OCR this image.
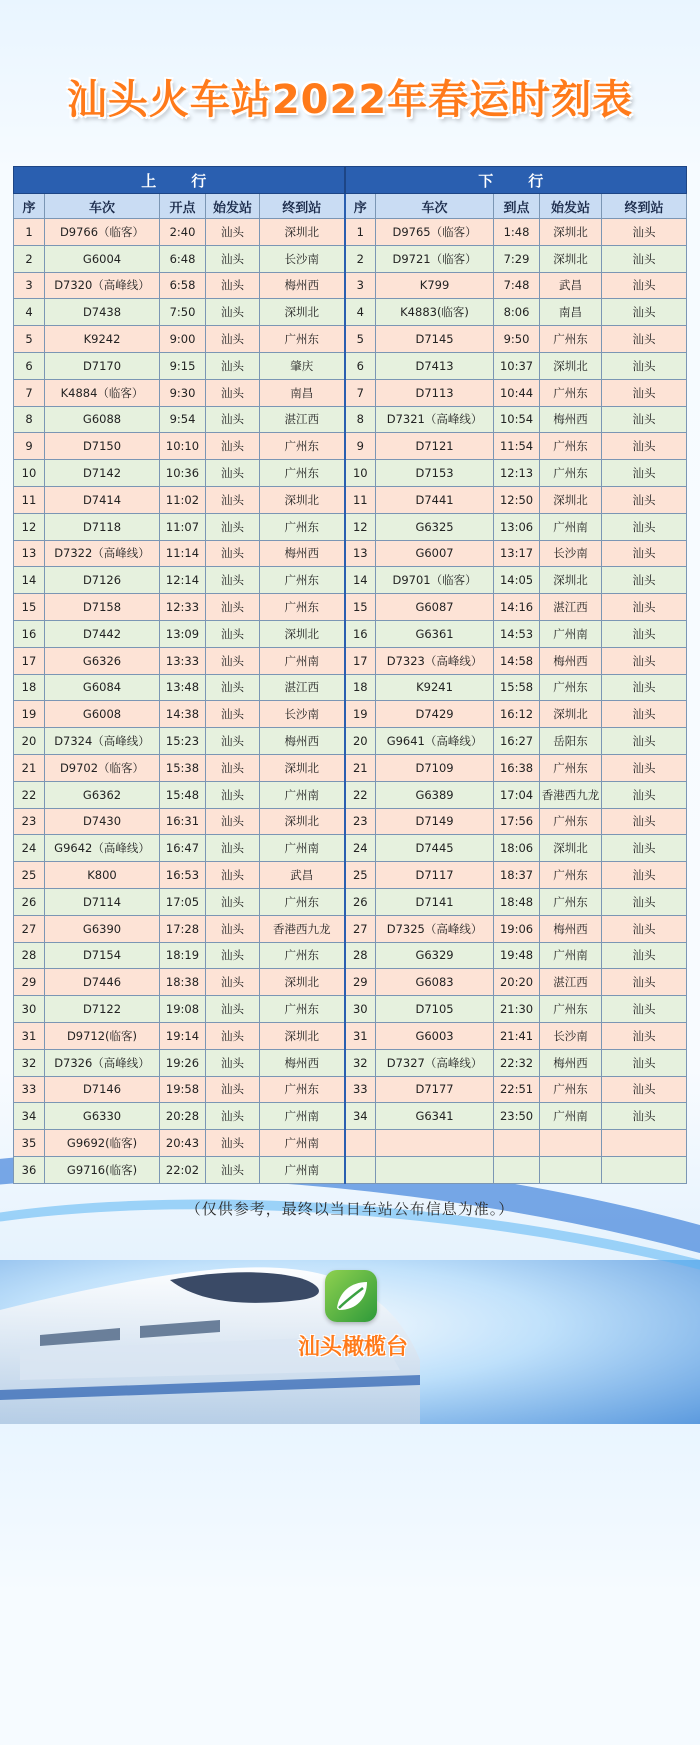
汕头火车站2022年春运时刻表
上　行					下　行				
序	车次	开点	始发站	终到站	序	车次	到点	始发站	终到站
1	D9766（临客）	2:40	汕头	深圳北	1	D9765（临客）	1:48	深圳北	汕头
2	G6004	6:48	汕头	长沙南	2	D9721（临客）	7:29	深圳北	汕头
3	D7320（高峰线）	6:58	汕头	梅州西	3	K799	7:48	武昌	汕头
4	D7438	7:50	汕头	深圳北	4	K4883(临客)	8:06	南昌	汕头
5	K9242	9:00	汕头	广州东	5	D7145	9:50	广州东	汕头
6	D7170	9:15	汕头	肇庆	6	D7413	10:37	深圳北	汕头
7	K4884（临客）	9:30	汕头	南昌	7	D7113	10:44	广州东	汕头
8	G6088	9:54	汕头	湛江西	8	D7321（高峰线）	10:54	梅州西	汕头
9	D7150	10:10	汕头	广州东	9	D7121	11:54	广州东	汕头
10	D7142	10:36	汕头	广州东	10	D7153	12:13	广州东	汕头
11	D7414	11:02	汕头	深圳北	11	D7441	12:50	深圳北	汕头
12	D7118	11:07	汕头	广州东	12	G6325	13:06	广州南	汕头
13	D7322（高峰线）	11:14	汕头	梅州西	13	G6007	13:17	长沙南	汕头
14	D7126	12:14	汕头	广州东	14	D9701（临客）	14:05	深圳北	汕头
15	D7158	12:33	汕头	广州东	15	G6087	14:16	湛江西	汕头
16	D7442	13:09	汕头	深圳北	16	G6361	14:53	广州南	汕头
17	G6326	13:33	汕头	广州南	17	D7323（高峰线）	14:58	梅州西	汕头
18	G6084	13:48	汕头	湛江西	18	K9241	15:58	广州东	汕头
19	G6008	14:38	汕头	长沙南	19	D7429	16:12	深圳北	汕头
20	D7324（高峰线）	15:23	汕头	梅州西	20	G9641（高峰线）	16:27	岳阳东	汕头
21	D9702（临客）	15:38	汕头	深圳北	21	D7109	16:38	广州东	汕头
22	G6362	15:48	汕头	广州南	22	G6389	17:04	香港西九龙	汕头
23	D7430	16:31	汕头	深圳北	23	D7149	17:56	广州东	汕头
24	G9642（高峰线）	16:47	汕头	广州南	24	D7445	18:06	深圳北	汕头
25	K800	16:53	汕头	武昌	25	D7117	18:37	广州东	汕头
26	D7114	17:05	汕头	广州东	26	D7141	18:48	广州东	汕头
27	G6390	17:28	汕头	香港西九龙	27	D7325（高峰线）	19:06	梅州西	汕头
28	D7154	18:19	汕头	广州东	28	G6329	19:48	广州南	汕头
29	D7446	18:38	汕头	深圳北	29	G6083	20:20	湛江西	汕头
30	D7122	19:08	汕头	广州东	30	D7105	21:30	广州东	汕头
31	D9712(临客)	19:14	汕头	深圳北	31	G6003	21:41	长沙南	汕头
32	D7326（高峰线）	19:26	汕头	梅州西	32	D7327（高峰线）	22:32	梅州西	汕头
33	D7146	19:58	汕头	广州东	33	D7177	22:51	广州东	汕头
34	G6330	20:28	汕头	广州南	34	G6341	23:50	广州南	汕头
35	G9692(临客)	20:43	汕头	广州南					
36	G9716(临客)	22:02	汕头	广州南					
（仅供参考，最终以当日车站公布信息为准。）
汕头橄榄台
